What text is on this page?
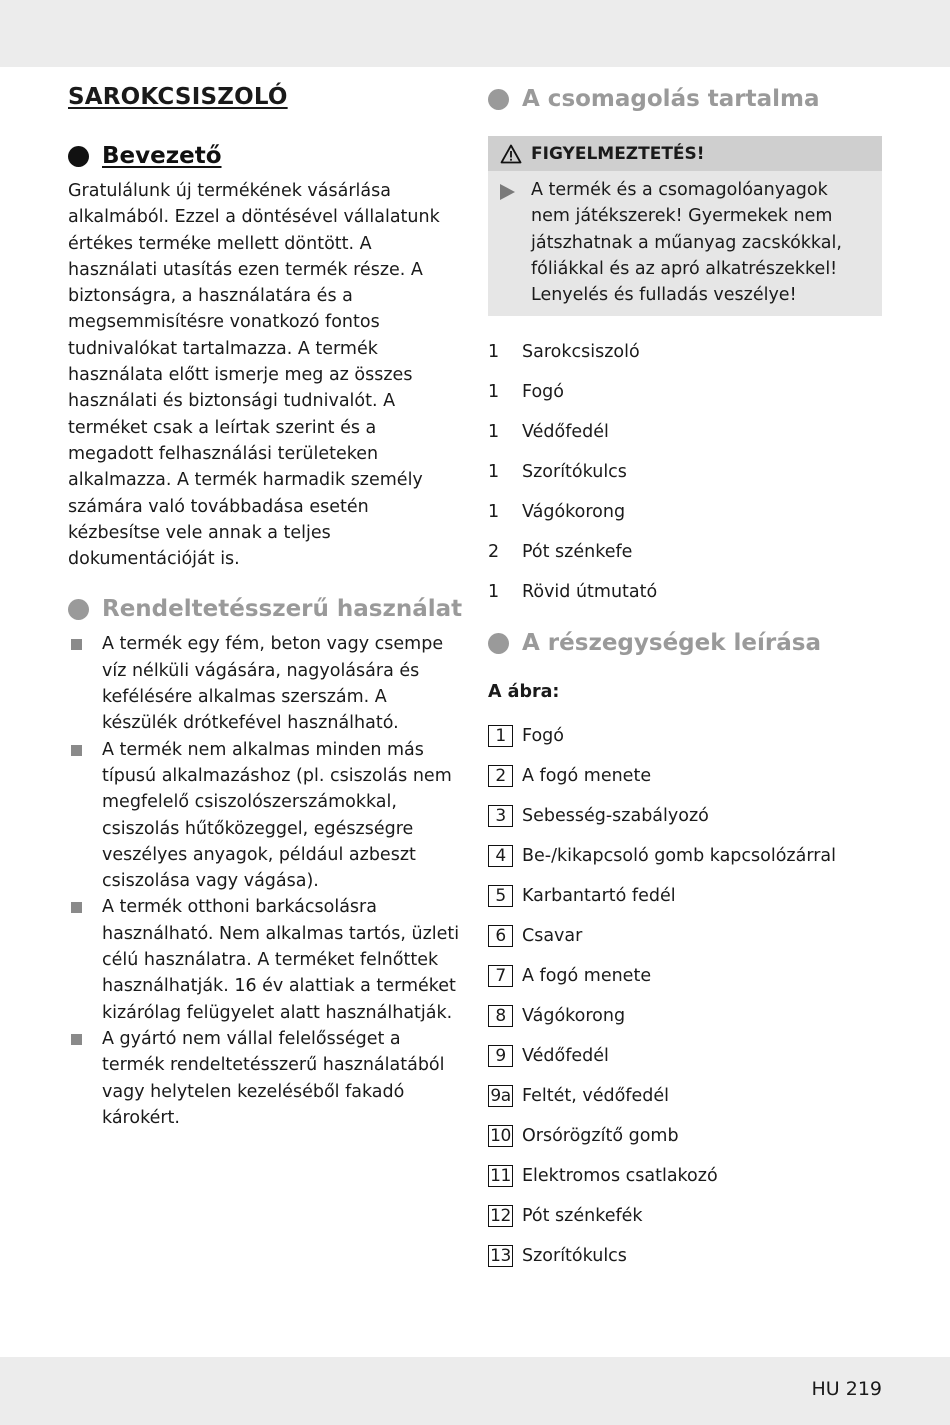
SAROKCSISZOLÓ
Bevezető

Gratulálunk új termékének vásárlása alkalmából. Ezzel a döntésével vállalatunk értékes terméke mellett döntött. A használati utasítás ezen termék része. A biztonságra, a használatára és a megsemmisítésre vonatkozó fontos tudnivalókat tartalmazza. A termék használata előtt ismerje meg az összes használati és biztonsági tudnivalót. A terméket csak a leírtak szerint és a megadott felhasználási területeken alkalmazza. A termék harmadik személy számára való továbbadása esetén kézbesítse vele annak a teljes dokumentációját is.

Rendeltetésszerű használat
A termék egy fém, beton vagy csempe víz nélküli vágására, nagyolására és kefélésére alkalmas szerszám. A készülék drótkefével használható.
A termék nem alkalmas minden más típusú alkalmazáshoz (pl. csiszolás nem megfelelő csiszolószerszámokkal, csiszolás hűtőközeggel, egészségre veszélyes anyagok, például azbeszt csiszolása vagy vágása).
A termék otthoni barkácsolásra használható. Nem alkalmas tartós, üzleti célú használatra. A terméket felnőttek használhatják. 16 év alattiak a terméket kizárólag felügyelet alatt használhatják.
A gyártó nem vállal felelősséget a termék rendeltetésszerű használatából vagy helytelen kezeléséből fakadó károkért.
A csomagolás tartalma
FIGYELMEZTETÉS!
A termék és a csomagolóanyagok nem játékszerek! Gyermekek nem játszhatnak a műanyag zacskókkal, fóliákkal és az apró alkatrészekkel! Lenyelés és fulladás veszélye!
1	Sarokcsiszoló
1	Fogó
1	Védőfedél
1	Szorítókulcs
1	Vágókorong
2	Pót szénkefe
1	Rövid útmutató
A részegységek leírása

A ábra:

1 Fogó
2 A fogó menete
3 Sebesség-szabályozó
4 Be-/kikapcsoló gomb kapcsolózárral
5 Karbantartó fedél
6 Csavar
7 A fogó menete
8 Vágókorong
9 Védőfedél
9a Feltét, védőfedél
10 Orsórögzítő gomb
11 Elektromos csatlakozó
12 Pót szénkefék
13 Szorítókulcs
HU 219
